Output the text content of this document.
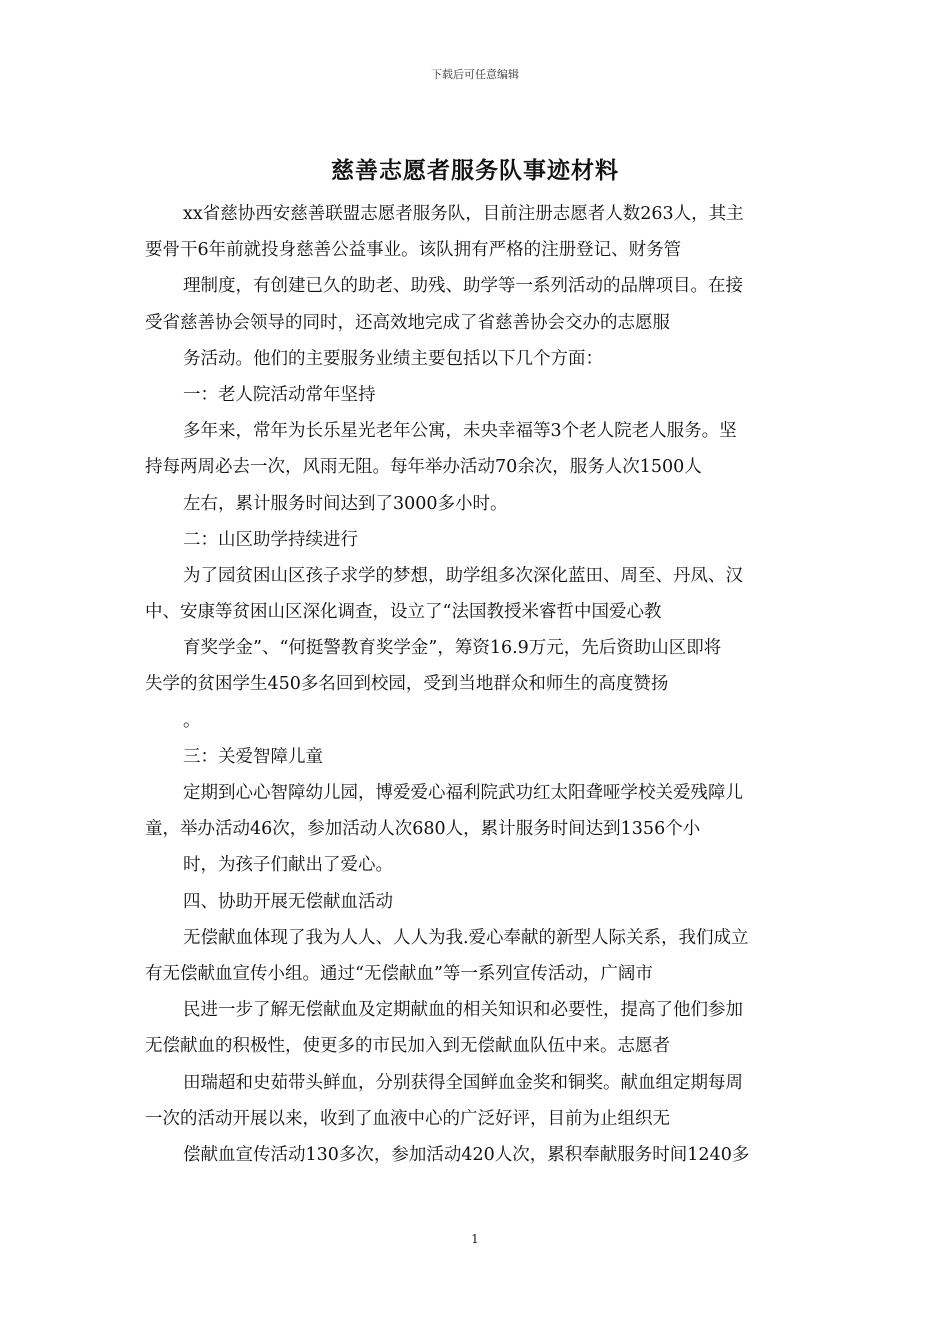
下载后可任意编辑
慈善志愿者服务队事迹材料
xx省慈协西安慈善联盟志愿者服务队，目前注册志愿者人数263人，其主
要骨干6年前就投身慈善公益事业。该队拥有严格的注册登记、财务管
理制度，有创建已久的助老、助残、助学等一系列活动的品牌项目。在接
受省慈善协会领导的同时，还高效地完成了省慈善协会交办的志愿服
务活动。他们的主要服务业绩主要包括以下几个方面：
一：老人院活动常年坚持
多年来，常年为长乐星光老年公寓，未央幸福等3个老人院老人服务。坚
持每两周必去一次，风雨无阻。每年举办活动70余次，服务人次1500人
左右，累计服务时间达到了3000多小时。
二：山区助学持续进行
为了园贫困山区孩子求学的梦想，助学组多次深化蓝田、周至、丹凤、汉
中、安康等贫困山区深化调查，设立了“法国教授米睿哲中国爱心教
育奖学金”、“何挺警教育奖学金”，筹资16.9万元，先后资助山区即将
失学的贫困学生450多名回到校园，受到当地群众和师生的高度赞扬
。
三：关爱智障儿童
定期到心心智障幼儿园，博爱爱心福利院武功红太阳聋哑学校关爱残障儿
童，举办活动46次，参加活动人次680人，累计服务时间达到1356个小
时，为孩子们献出了爱心。
四、协助开展无偿献血活动
无偿献血体现了我为人人、人人为我.爱心奉献的新型人际关系，我们成立
有无偿献血宣传小组。通过“无偿献血”等一系列宣传活动，广阔市
民进一步了解无偿献血及定期献血的相关知识和必要性，提高了他们参加
无偿献血的积极性，使更多的市民加入到无偿献血队伍中来。志愿者
田瑞超和史茹带头鲜血，分别获得全国鲜血金奖和铜奖。献血组定期每周
一次的活动开展以来，收到了血液中心的广泛好评，目前为止组织无
偿献血宣传活动130多次，参加活动420人次，累积奉献服务时间1240多
1
